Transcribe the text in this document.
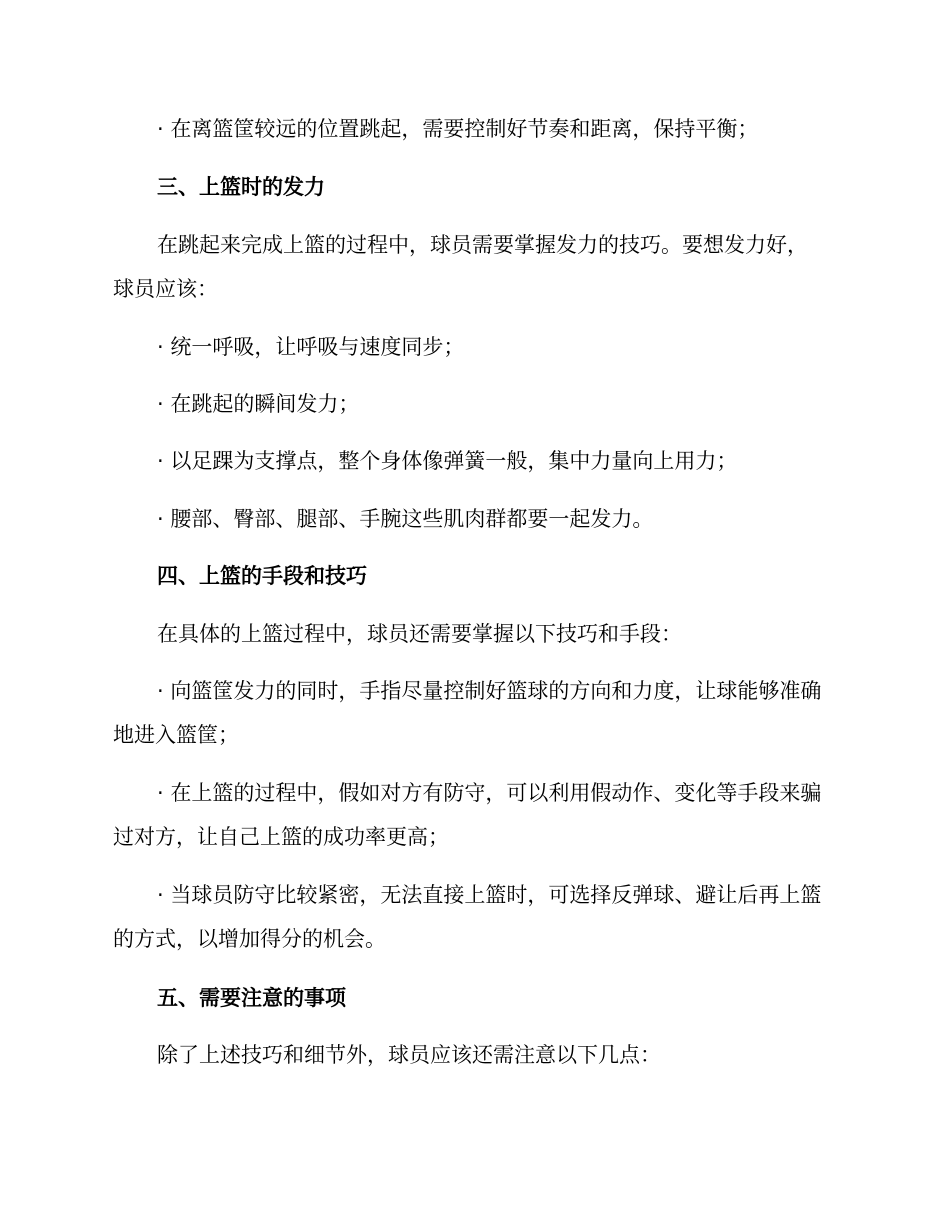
· 在离篮筐较远的位置跳起，需要控制好节奏和距离，保持平衡；

三、上篮时的发力

在跳起来完成上篮的过程中，球员需要掌握发力的技巧。要想发力好，球员应该：

· 统一呼吸，让呼吸与速度同步；

· 在跳起的瞬间发力；

· 以足踝为支撑点，整个身体像弹簧一般，集中力量向上用力；

· 腰部、臀部、腿部、手腕这些肌肉群都要一起发力。

四、上篮的手段和技巧

在具体的上篮过程中，球员还需要掌握以下技巧和手段：

· 向篮筐发力的同时，手指尽量控制好篮球的方向和力度，让球能够准确地进入篮筐；

· 在上篮的过程中，假如对方有防守，可以利用假动作、变化等手段来骗过对方，让自己上篮的成功率更高；

· 当球员防守比较紧密，无法直接上篮时，可选择反弹球、避让后再上篮的方式，以增加得分的机会。

五、需要注意的事项

除了上述技巧和细节外，球员应该还需注意以下几点：
